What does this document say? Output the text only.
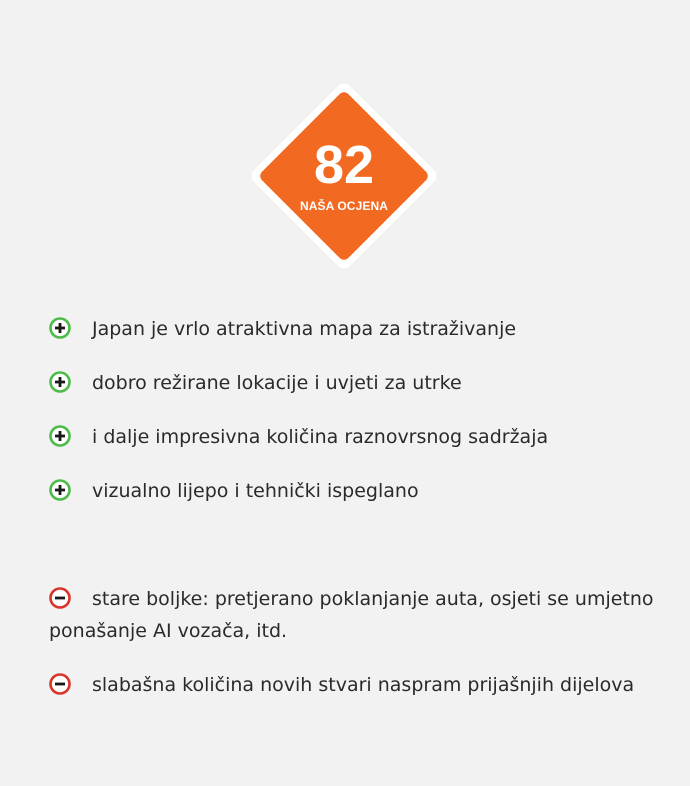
82
NAŠA OCJENA
Japan je vrlo atraktivna mapa za istraživanje
dobro režirane lokacije i uvjeti za utrke
i dalje impresivna količina raznovrsnog sadržaja
vizualno lijepo i tehnički ispeglano
stare boljke: pretjerano poklanjanje auta, osjeti se umjetno ponašanje AI vozača, itd.
slabašna količina novih stvari naspram prijašnjih dijelova
